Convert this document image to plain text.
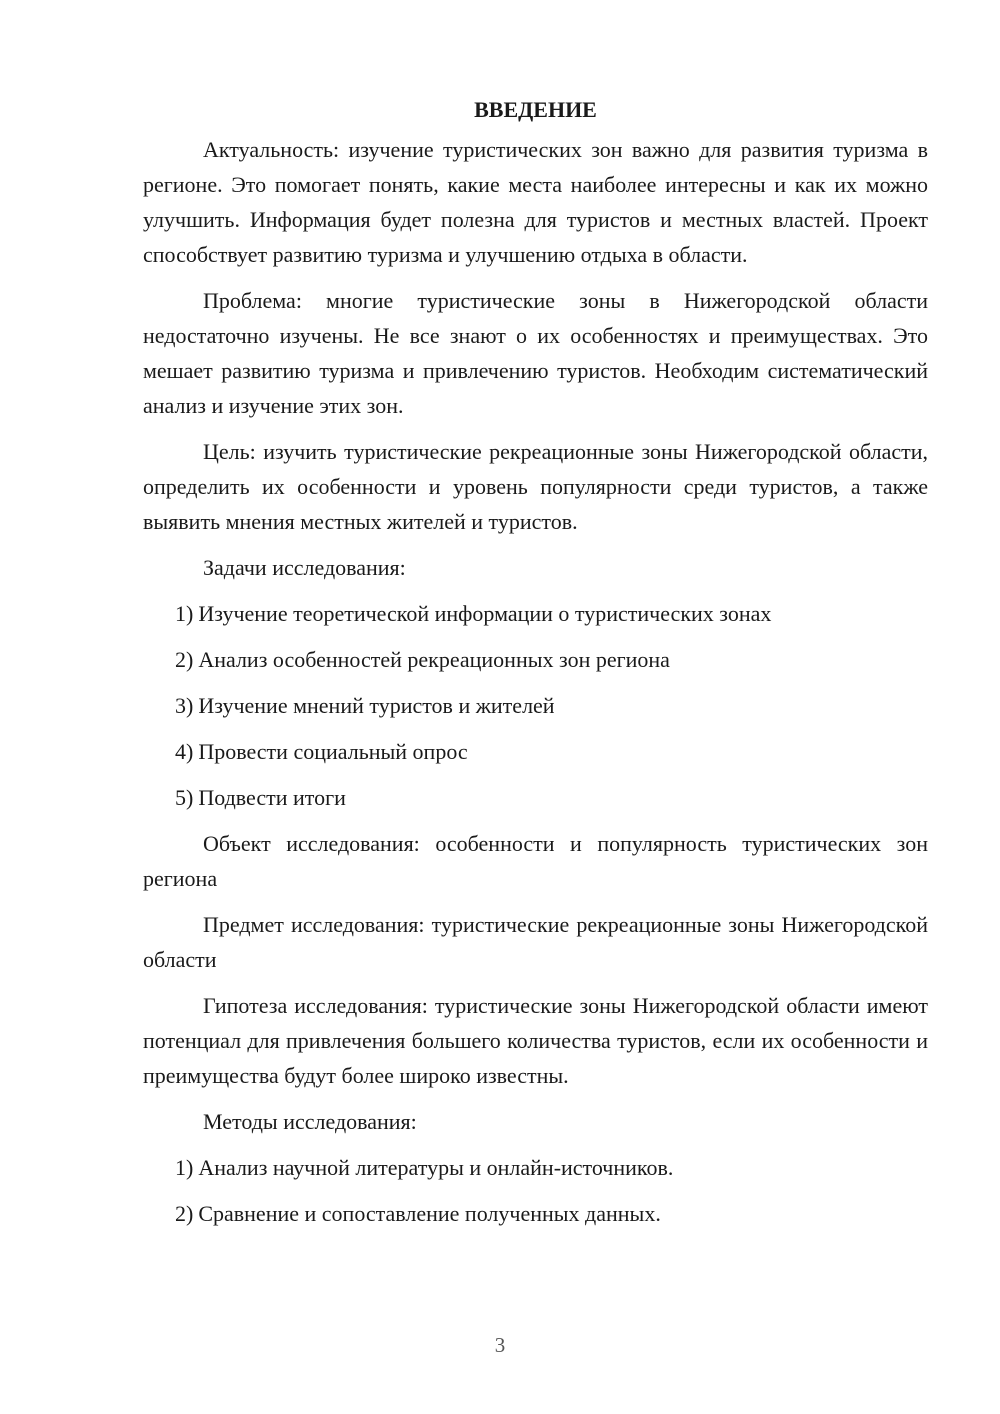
ВВЕДЕНИЕ

Актуальность: изучение туристических зон важно для развития туризма в регионе. Это помогает понять, какие места наиболее интересны и как их можно улучшить. Информация будет полезна для туристов и местных властей. Проект способствует развитию туризма и улучшению отдыха в области.

Проблема: многие туристические зоны в Нижегородской области недостаточно изучены. Не все знают о их особенностях и преимуществах. Это мешает развитию туризма и привлечению туристов. Необходим систематический анализ и изучение этих зон.

Цель: изучить туристические рекреационные зоны Нижегородской области, определить их особенности и уровень популярности среди туристов, а также выявить мнения местных жителей и туристов.

Задачи исследования:

1) Изучение теоретической информации о туристических зонах
2) Анализ особенностей рекреационных зон региона
3) Изучение мнений туристов и жителей
4) Провести социальный опрос
5) Подвести итоги

Объект исследования: особенности и популярность туристических зон региона

Предмет исследования: туристические рекреационные зоны Нижегородской области

Гипотеза исследования: туристические зоны Нижегородской области имеют потенциал для привлечения большего количества туристов, если их особенности и преимущества будут более широко известны.

Методы исследования:

1) Анализ научной литературы и онлайн-источников.
2) Сравнение и сопоставление полученных данных.
3
